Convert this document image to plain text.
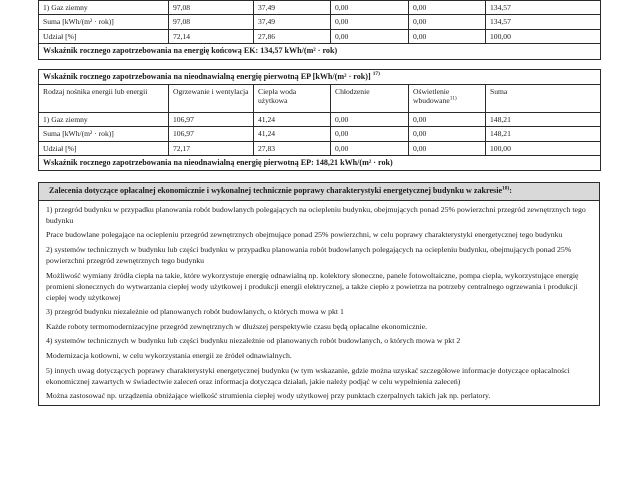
1) Gaz ziemny	97,08	37,49	0,00	0,00	134,57
Suma [kWh/(m² · rok)]	97,08	37,49	0,00	0,00	134,57
Udział [%]	72,14	27,86	0,00	0,00	100,00
Wskaźnik rocznego zapotrzebowania na energię końcową EK: 134,57 kWh/(m² · rok)					
Wskaźnik rocznego zapotrzebowania na nieodnawialną energię pierwotną EP [kWh/(m² · rok)] $^{17)}$
Rodzaj nośnika energii lub energii	Ogrzewanie i wentylacja	Ciepła woda użytkowa	Chłodzenie	Oświetlenie wbudowane$^{11)}$	Suma
1) Gaz ziemny	106,97	41,24	0,00	0,00	148,21
Suma [kWh/(m² · rok)]	106,97	41,24	0,00	0,00	148,21
Udział [%]	72,17	27,83	0,00	0,00	100,00
Wskaźnik rocznego zapotrzebowania na nieodnawialną energię pierwotną EP: 148,21 kWh/(m² · rok)					
Zalecenia dotyczące opłacalnej ekonomicznie i wykonalnej technicznie poprawy charakterystyki energetycznej budynku w zakresie$^{18)}$:

1) przegród budynku w przypadku planowania robót budowlanych polegających na ociepleniu budynku, obejmujących ponad 25% powierzchni przegród zewnętrznych tego budynku

Prace budowlane polegające na ociepleniu przegród zewnętrznych obejmujące ponad 25% powierzchni, w celu poprawy charakterystyki energetycznej tego budynku

2) systemów technicznych w budynku lub części budynku w przypadku planowania robót budowlanych polegających na ociepleniu budynku, obejmujących ponad 25% powierzchni przegród zewnętrznych tego budynku

Możliwość wymiany źródła ciepła na takie, które wykorzystuje energię odnawialną np. kolektory słoneczne, panele fotowoltaiczne, pompa ciepła, wykorzystujące energię promieni słonecznych do wytwarzania ciepłej wody użytkowej i produkcji energii elektrycznej, a także ciepło z powietrza na potrzeby centralnego ogrzewania i produkcji ciepłej wody użytkowej

3) przegród budynku niezależnie od planowanych robót budowlanych, o których mowa w pkt 1

Każde roboty termomodernizacyjne przegród zewnętrznych w dłuższej perspektywie czasu będą opłacalne ekonomicznie.

4) systemów technicznych w budynku lub części budynku niezależnie od planowanych robót budowlanych, o których mowa w pkt 2

Modernizacja kotłowni, w celu wykorzystania energii ze źródeł odnawialnych.

5) innych uwag dotyczących poprawy charakterystyki energetycznej budynku (w tym wskazanie, gdzie można uzyskać szczegółowe informacje dotyczące opłacalności ekonomicznej zawartych w świadectwie zaleceń oraz informacja dotycząca działań, jakie należy podjąć w celu wypełnienia zaleceń)

Można zastosować np. urządzenia obniżające wielkość strumienia ciepłej wody użytkowej przy punktach czerpalnych takich jak np. perlatory.
